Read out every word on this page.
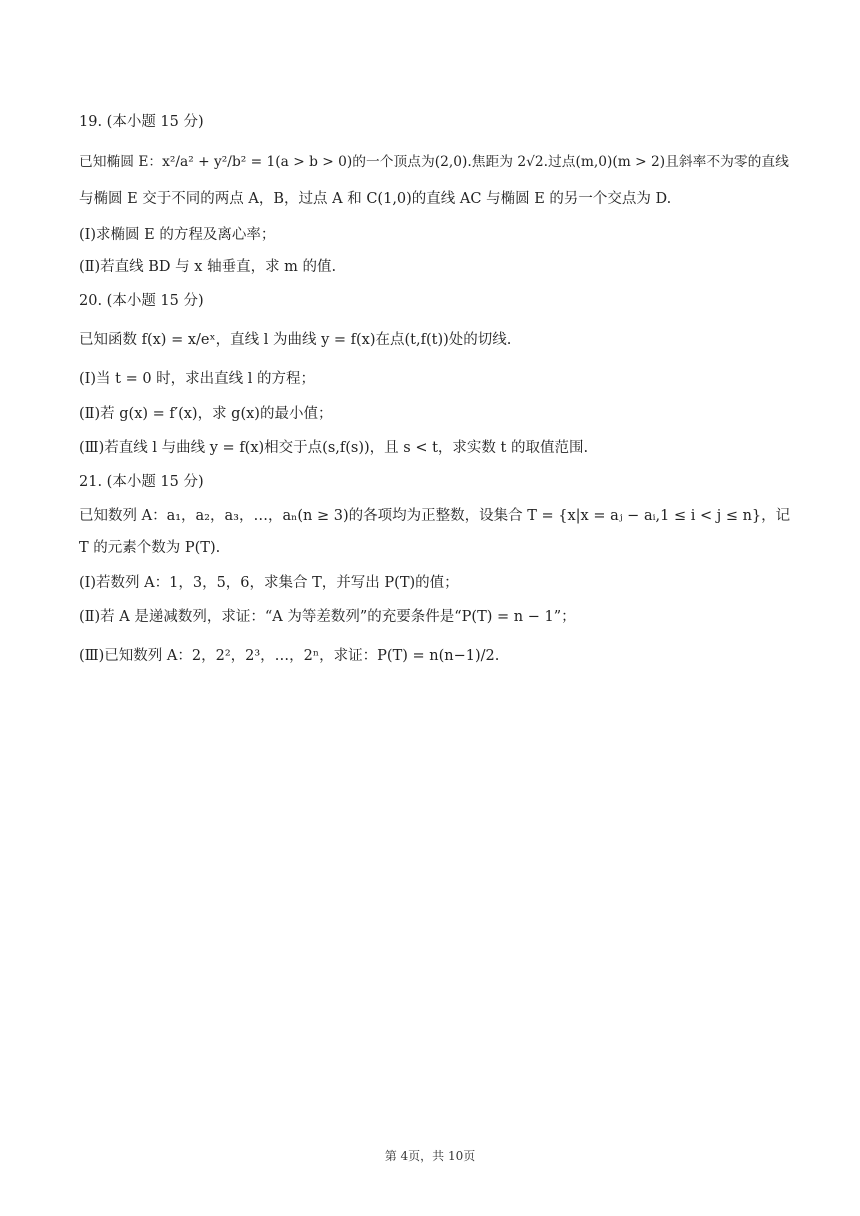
19. (本小题 15 分)
已知椭圆 E：x²/a² + y²/b² = 1(a > b > 0)的一个顶点为(2,0).焦距为 2√2.过点(m,0)(m > 2)且斜率不为零的直线
与椭圆 E 交于不同的两点 A，B，过点 A 和 C(1,0)的直线 AC 与椭圆 E 的另一个交点为 D.
(Ⅰ)求椭圆 E 的方程及离心率；
(Ⅱ)若直线 BD 与 x 轴垂直，求 m 的值.
20. (本小题 15 分)
已知函数 f(x) = x/eˣ，直线 l 为曲线 y = f(x)在点(t,f(t))处的切线.
(Ⅰ)当 t = 0 时，求出直线 l 的方程；
(Ⅱ)若 g(x) = f′(x)，求 g(x)的最小值；
(Ⅲ)若直线 l 与曲线 y = f(x)相交于点(s,f(s))，且 s < t，求实数 t 的取值范围.
21. (本小题 15 分)
已知数列 A：a₁，a₂，a₃，…，aₙ(n ≥ 3)的各项均为正整数，设集合 T = {x|x = aⱼ − aᵢ,1 ≤ i < j ≤ n}，记
T 的元素个数为 P(T).
(Ⅰ)若数列 A：1，3，5，6，求集合 T，并写出 P(T)的值；
(Ⅱ)若 A 是递减数列，求证：“A 为等差数列”的充要条件是“P(T) = n − 1”；
(Ⅲ)已知数列 A：2，2²，2³，…，2ⁿ，求证：P(T) = n(n−1)/2.
第 4页，共 10页
